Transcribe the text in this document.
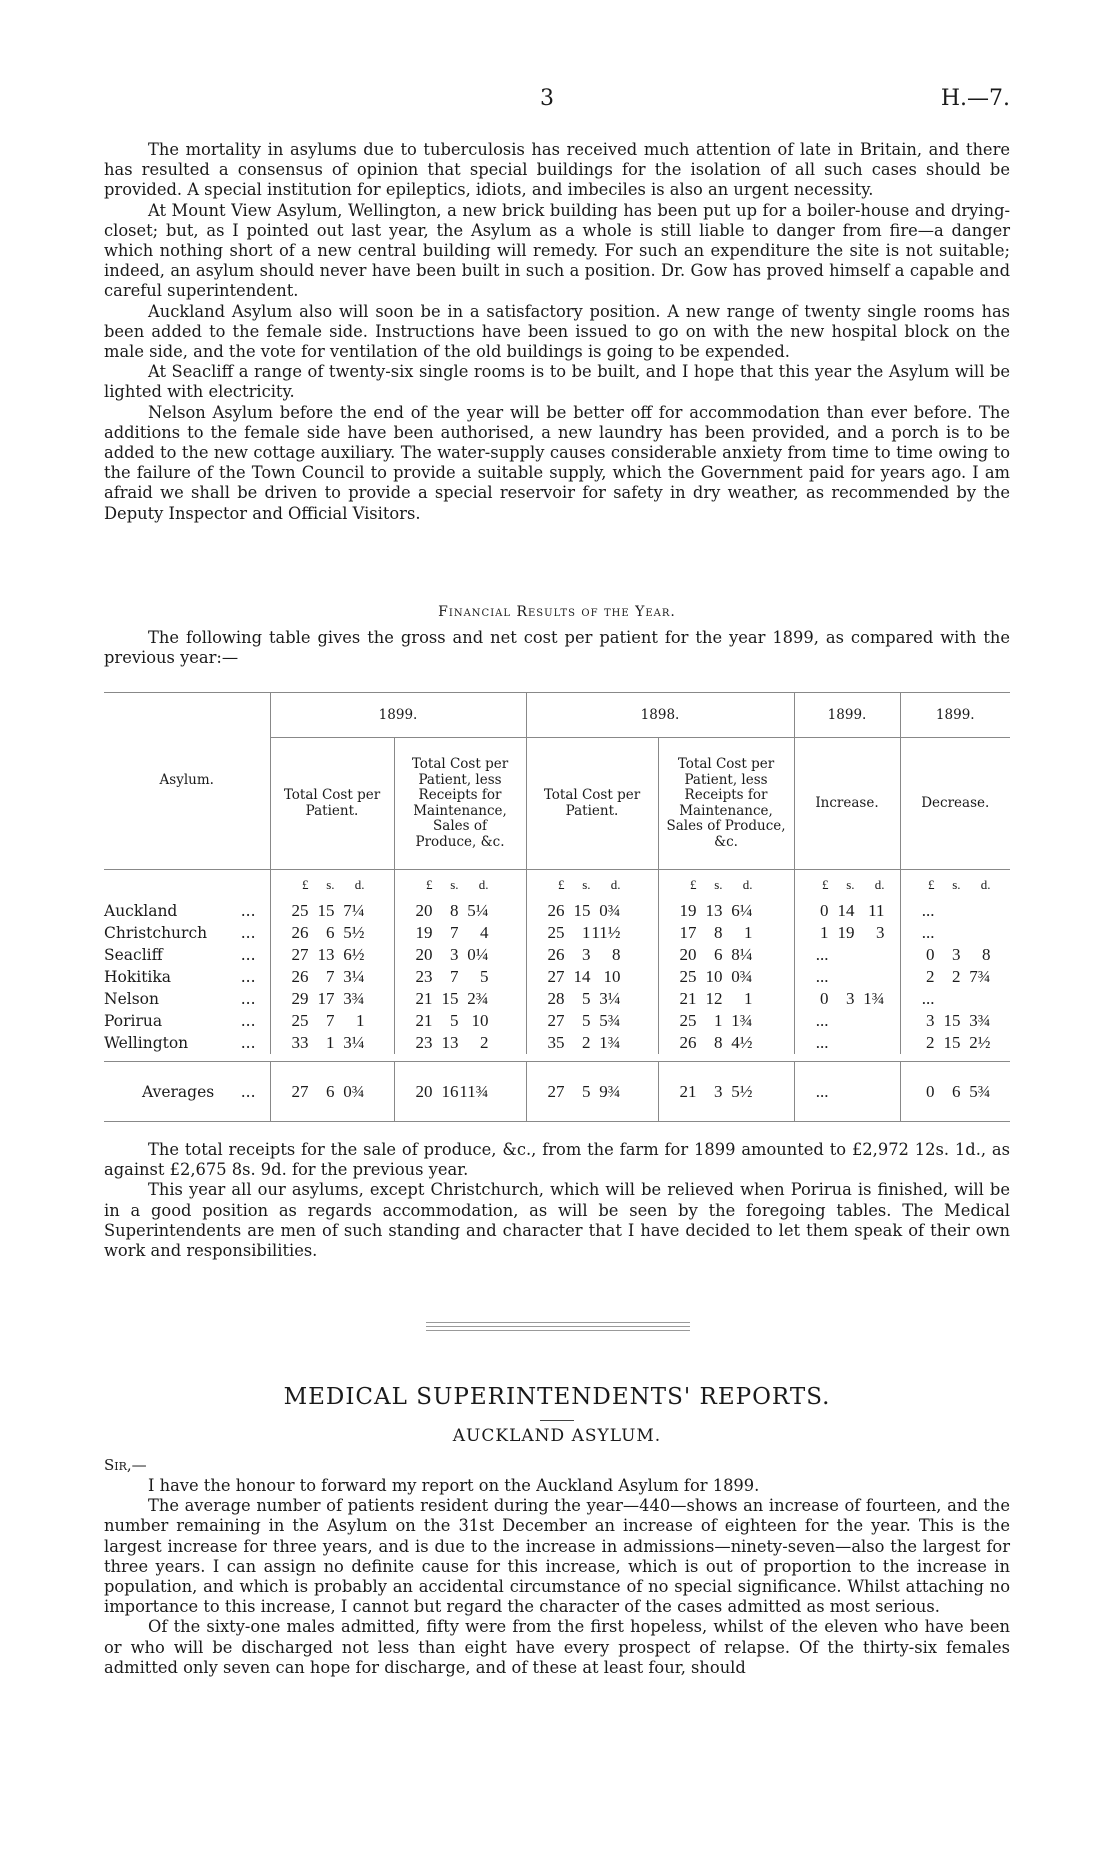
3	H.—7.

The mortality in asylums due to tuberculosis has received much attention of late in Britain, and there has resulted a consensus of opinion that special buildings for the isolation of all such cases should be provided. A special institution for epileptics, idiots, and imbeciles is also an urgent necessity.

At Mount View Asylum, Wellington, a new brick building has been put up for a boiler-house and drying-closet; but, as I pointed out last year, the Asylum as a whole is still liable to danger from fire—a danger which nothing short of a new central building will remedy. For such an expenditure the site is not suitable; indeed, an asylum should never have been built in such a position. Dr. Gow has proved himself a capable and careful superintendent.

Auckland Asylum also will soon be in a satisfactory position. A new range of twenty single rooms has been added to the female side. Instructions have been issued to go on with the new hospital block on the male side, and the vote for ventilation of the old buildings is going to be expended.

At Seacliff a range of twenty-six single rooms is to be built, and I hope that this year the Asylum will be lighted with electricity.

Nelson Asylum before the end of the year will be better off for accommodation than ever before. The additions to the female side have been authorised, a new laundry has been provided, and a porch is to be added to the new cottage auxiliary. The water-supply causes considerable anxiety from time to time owing to the failure of the Town Council to provide a suitable supply, which the Government paid for years ago. I am afraid we shall be driven to provide a special reservoir for safety in dry weather, as recommended by the Deputy Inspector and Official Visitors.

Financial Results of the Year.

The following table gives the gross and net cost per patient for the year 1899, as compared with the previous year:—

Asylum.	1899.		1898.		1899.	1899.
	Total Cost per Patient.	Total Cost per Patient, less Receipts for Maintenance, Sales of Produce, &c.	Total Cost per Patient.	Total Cost per Patient, less Receipts for Maintenance, Sales of Produce, &c.	Increase.	Decrease.
	£ s. d.	£ s. d.	£ s. d.	£ s. d.	£ s. d.	£ s. d.
Auckland ...	25 15 7¼	20 8 5¼	26 15 0¾	19 13 6¼	0 14 11	...
Christchurch ...	26 6 5½	19 7 4	25 111½	17 8 1	1 19 3	...
Seacliff ...	27 13 6½	20 3 0¼	26 3 8	20 6 8¼	...	0 3 8
Hokitika ...	26 7 3¼	23 7 5	27 14 10	25 10 0¾	...	2 2 7¾
Nelson ...	29 17 3¾	21 15 2¾	28 5 3¼	21 12 1	0 3 1¾	...
Porirua ...	25 7 1	21 5 10	27 5 5¾	25 1 1¾	...	3 15 3¾
Wellington ...	33 1 3¼	23 13 2	35 2 1¾	26 8 4½	...	2 15 2½

Averages ...	27 6 0¾	20 1611¾	27 5 9¾	21 3 5½	...	0 6 5¾

The total receipts for the sale of produce, &c., from the farm for 1899 amounted to £2,972 12s. 1d., as against £2,675 8s. 9d. for the previous year.

This year all our asylums, except Christchurch, which will be relieved when Porirua is finished, will be in a good position as regards accommodation, as will be seen by the foregoing tables. The Medical Superintendents are men of such standing and character that I have decided to let them speak of their own work and responsibilities.

MEDICAL SUPERINTENDENTS' REPORTS.
AUCKLAND ASYLUM.
Sir,—

I have the honour to forward my report on the Auckland Asylum for 1899.

The average number of patients resident during the year—440—shows an increase of fourteen, and the number remaining in the Asylum on the 31st December an increase of eighteen for the year. This is the largest increase for three years, and is due to the increase in admissions—ninety-seven—also the largest for three years. I can assign no definite cause for this increase, which is out of proportion to the increase in population, and which is probably an accidental circumstance of no special significance. Whilst attaching no importance to this increase, I cannot but regard the character of the cases admitted as most serious.

Of the sixty-one males admitted, fifty were from the first hopeless, whilst of the eleven who have been or who will be discharged not less than eight have every prospect of relapse. Of the thirty-six females admitted only seven can hope for discharge, and of these at least four, should
